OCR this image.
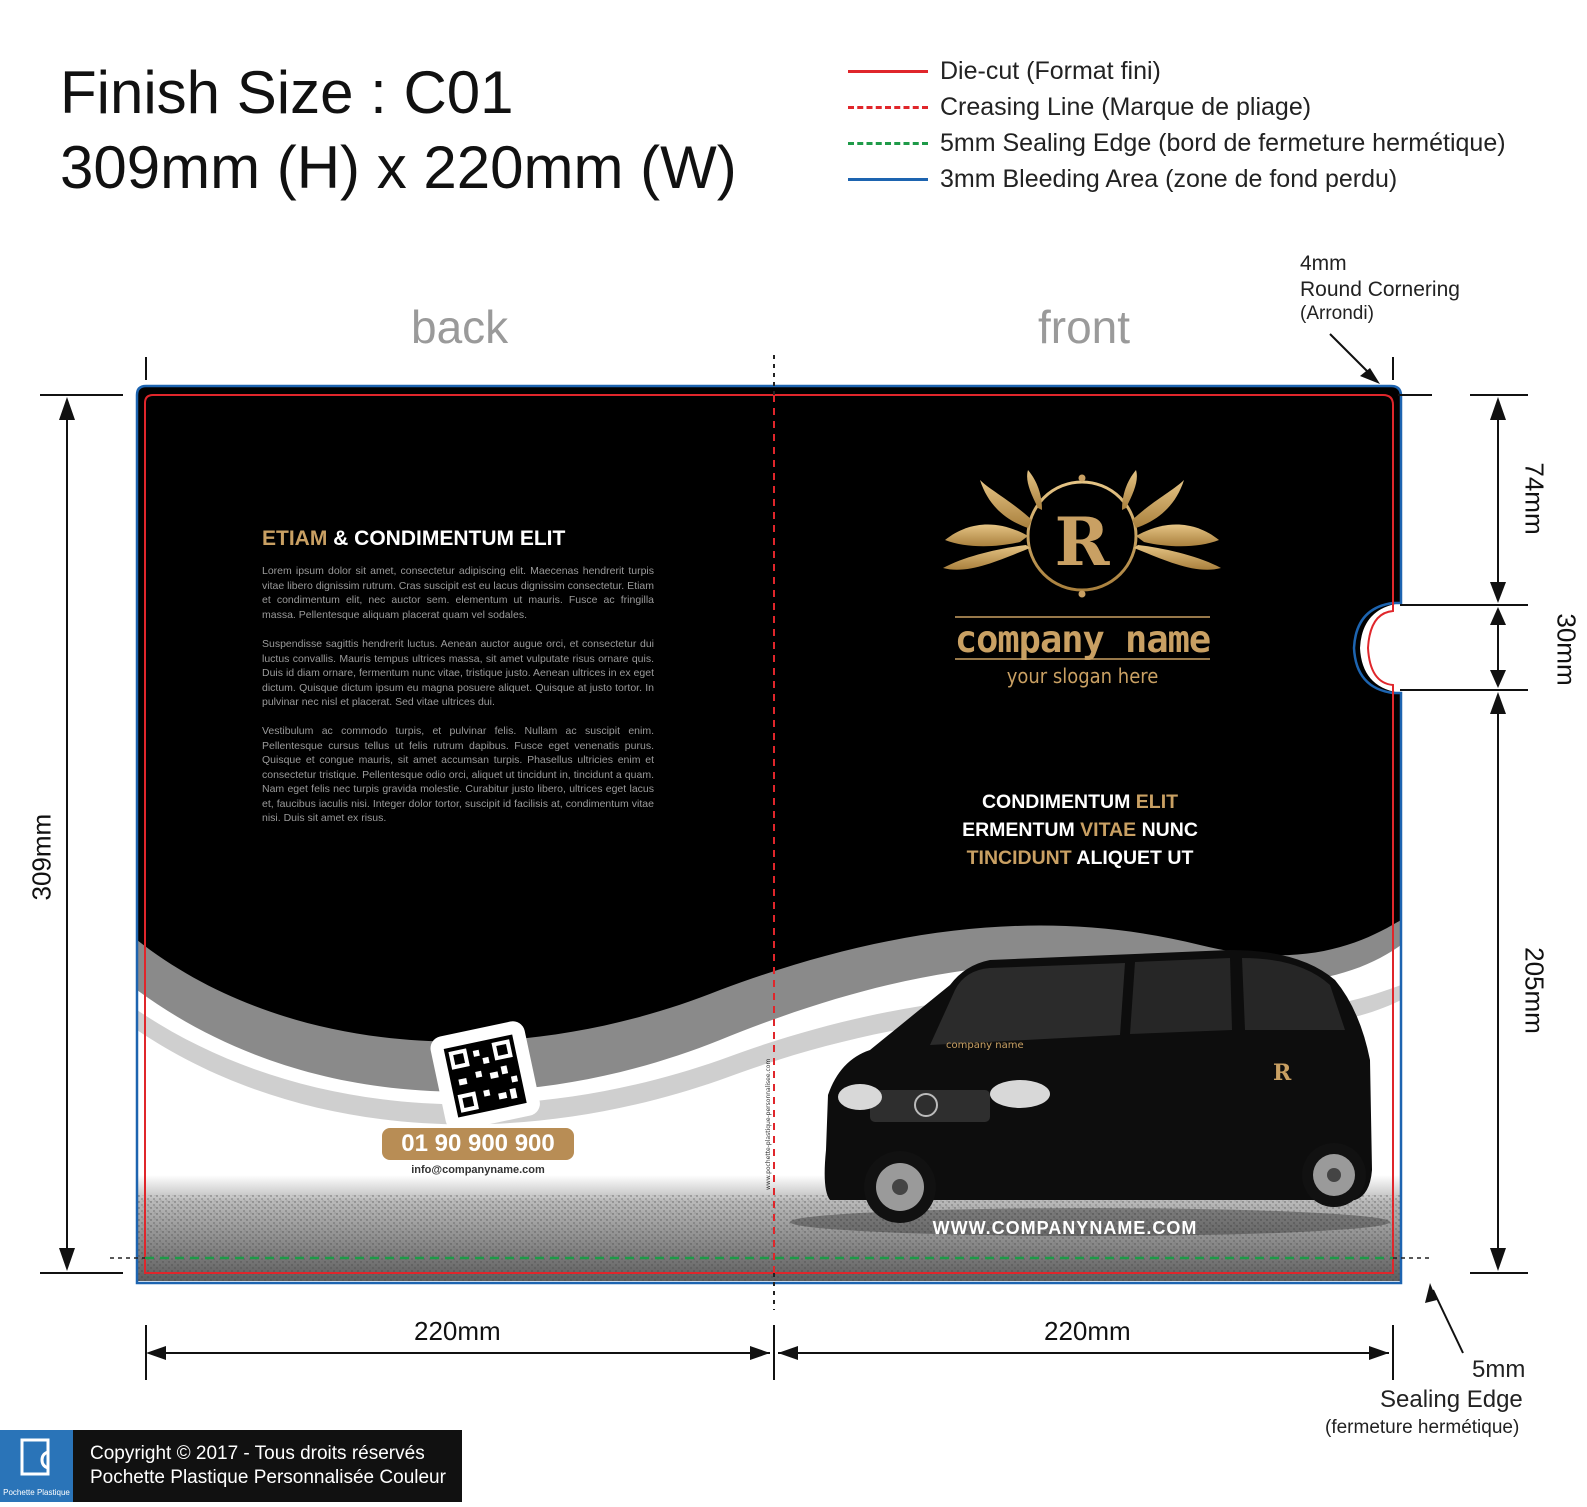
Finish Size : C01
309mm (H) x 220mm (W)
Die-cut (Format fini)
Creasing Line (Marque de pliage)
5mm Sealing Edge (bord de fermeture hermétique)
3mm Bleeding Area (zone de fond perdu)
back	front
company name
R
www.pochette-plastique-personnalisee.com
ETIAM & CONDIMENTUM ELIT
Lorem ipsum dolor sit amet, consectetur adipiscing elit. Maecenas hendrerit turpis vitae libero dignissim rutrum. Cras suscipit est eu lacus dignissim consectetur. Etiam et condimentum elit, nec auctor sem. elementum ut mauris. Fusce ac fringilla massa. Pellentesque aliquam placerat quam vel sodales.
Suspendisse sagittis hendrerit luctus. Aenean auctor augue orci, et consectetur dui luctus convallis. Mauris tempus ultrices massa, sit amet vulputate risus ornare quis. Duis id diam ornare, fermentum nunc vitae, tristique justo. Aenean ultrices in ex eget dictum. Quisque dictum ipsum eu magna posuere aliquet. Quisque at justo tortor. In pulvinar nec nisl et placerat. Sed vitae ultrices dui.
Vestibulum ac commodo turpis, et pulvinar felis. Nullam ac suscipit enim. Pellentesque cursus tellus ut felis rutrum dapibus. Fusce eget venenatis purus. Quisque et congue mauris, sit amet accumsan turpis. Phasellus ultricies enim et consectetur tristique. Pellentesque odio orci, aliquet ut tincidunt in, tincidunt a quam. Nam eget felis nec turpis gravida molestie. Curabitur justo libero, ultrices eget lacus et, faucibus iaculis nisi. Integer dolor tortor, suscipit id facilisis at, condimentum vitae nisi. Duis sit amet ex risus.
01 90 900 900
info@companyname.com
R
company name
your slogan here
CONDIMENTUM ELIT
ERMENTUM VITAE NUNC
TINCIDUNT ALIQUET UT
WWW.COMPANYNAME.COM
220mm	220mm
309mm
74mm
30mm
205mm
4mm
Round Cornering
(Arrondi)
5mm
Sealing Edge
(fermeture hermétique)
Pochette Plastique
Copyright © 2017 - Tous droits réservés
Pochette Plastique Personnalisée Couleur
